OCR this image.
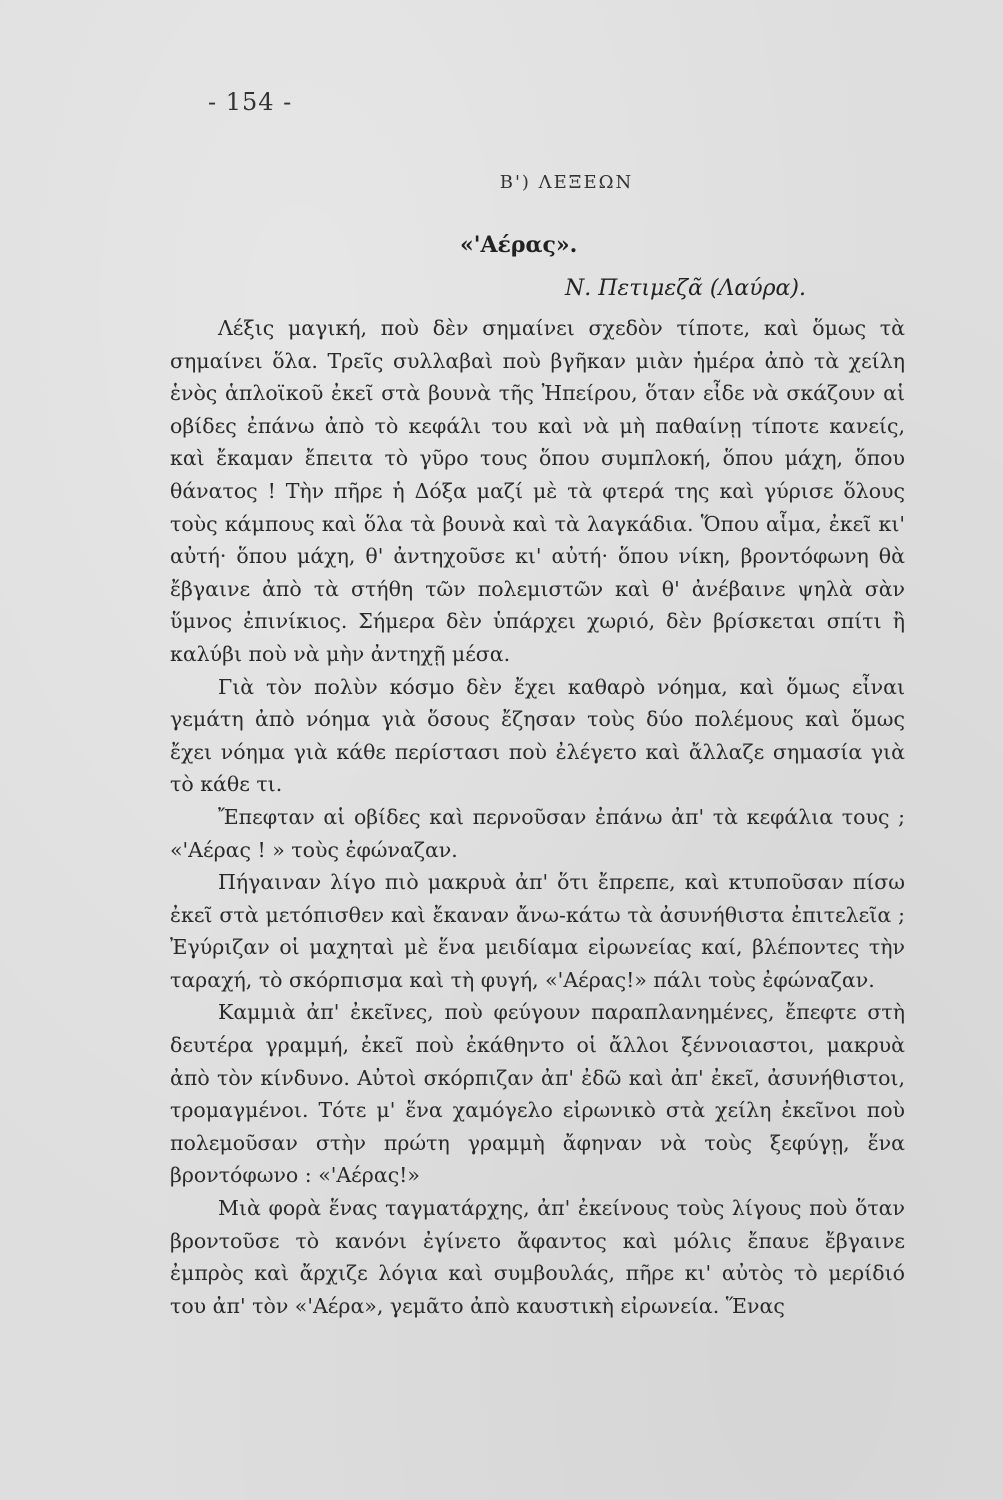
- 154 -
Β') ΛΕΞΕΩΝ
«'Αέρας».
Ν. Πετιμεζᾶ (Λαύρα).

Λέξις μαγική, ποὺ δὲν σημαίνει σχεδὸν τίποτε, καὶ ὅμως τὰ σημαίνει ὅλα. Τρεῖς συλλαβαὶ ποὺ βγῆκαν μιὰν ἡμέρα ἀπὸ τὰ χείλη ἑνὸς ἁπλοϊκοῦ ἐκεῖ στὰ βουνὰ τῆς Ἠπείρου, ὅταν εἶδε νὰ σκάζουν αἱ οβίδες ἐπάνω ἀπὸ τὸ κεφάλι του καὶ νὰ μὴ παθαίνῃ τίποτε κανείς, καὶ ἔκαμαν ἔπειτα τὸ γῦρο τους ὅπου συμπλοκή, ὅπου μάχη, ὅπου θάνατος ! Τὴν πῆρε ἡ Δόξα μαζί μὲ τὰ φτερά της καὶ γύρισε ὅλους τοὺς κάμπους καὶ ὅλα τὰ βουνὰ καὶ τὰ λαγκάδια. Ὅπου αἷμα, ἐκεῖ κι' αὐτή· ὅπου μάχη, θ' ἀντηχοῦσε κι' αὐτή· ὅπου νίκη, βροντόφωνη θὰ ἔβγαινε ἀπὸ τὰ στήθη τῶν πολεμιστῶν καὶ θ' ἀνέβαινε ψηλὰ σὰν ὕμνος ἐπινίκιος. Σήμερα δὲν ὑπάρχει χωριό, δὲν βρίσκεται σπίτι ἢ καλύβι ποὺ νὰ μὴν ἀντηχῇ μέσα.

Γιὰ τὸν πολὺν κόσμο δὲν ἔχει καθαρὸ νόημα, καὶ ὅμως εἶναι γεμάτη ἀπὸ νόημα γιὰ ὅσους ἔζησαν τοὺς δύο πολέμους καὶ ὅμως ἔχει νόημα γιὰ κάθε περίστασι ποὺ ἐλέγετο καὶ ἄλλαζε σημασία γιὰ τὸ κάθε τι.

Ἔπεφταν αἱ οβίδες καὶ περνοῦσαν ἐπάνω ἀπ' τὰ κεφάλια τους ; «'Αέρας ! » τοὺς ἐφώναζαν.

Πήγαιναν λίγο πιὸ μακρυὰ ἀπ' ὅτι ἔπρεπε, καὶ κτυποῦσαν πίσω ἐκεῖ στὰ μετόπισθεν καὶ ἔκαναν ἄνω-κάτω τὰ ἀσυνήθιστα ἐπιτελεῖα ; Ἐγύριζαν οἱ μαχηταὶ μὲ ἕνα μειδίαμα εἰρωνείας καί, βλέποντες τὴν ταραχή, τὸ σκόρπισμα καὶ τὴ φυγή, «'Αέρας!» πάλι τοὺς ἐφώναζαν.

Καμμιὰ ἀπ' ἐκεῖνες, ποὺ φεύγουν παραπλανημένες, ἔπεφτε στὴ δευτέρα γραμμή, ἐκεῖ ποὺ ἐκάθηντο οἱ ἄλλοι ξέννοιαστοι, μακρυὰ ἀπὸ τὸν κίνδυνο. Αὐτοὶ σκόρπιζαν ἀπ' ἐδῶ καὶ ἀπ' ἐκεῖ, ἀσυνήθιστοι, τρομαγμένοι. Τότε μ' ἕνα χαμόγελο εἰρωνικὸ στὰ χείλη ἐκεῖνοι ποὺ πολεμοῦσαν στὴν πρώτη γραμμὴ ἄφηναν νὰ τοὺς ξεφύγῃ, ἕνα βροντόφωνο : «'Αέρας!»

Μιὰ φορὰ ἕνας ταγματάρχης, ἀπ' ἐκείνους τοὺς λίγους ποὺ ὅταν βροντοῦσε τὸ κανόνι ἐγίνετο ἄφαντος καὶ μόλις ἔπαυε ἔβγαινε ἐμπρὸς καὶ ἄρχιζε λόγια καὶ συμβουλάς, πῆρε κι' αὐτὸς τὸ μερίδιό του ἀπ' τὸν «'Αέρα», γεμᾶτο ἀπὸ καυστικὴ εἰρωνεία. Ἕνας
